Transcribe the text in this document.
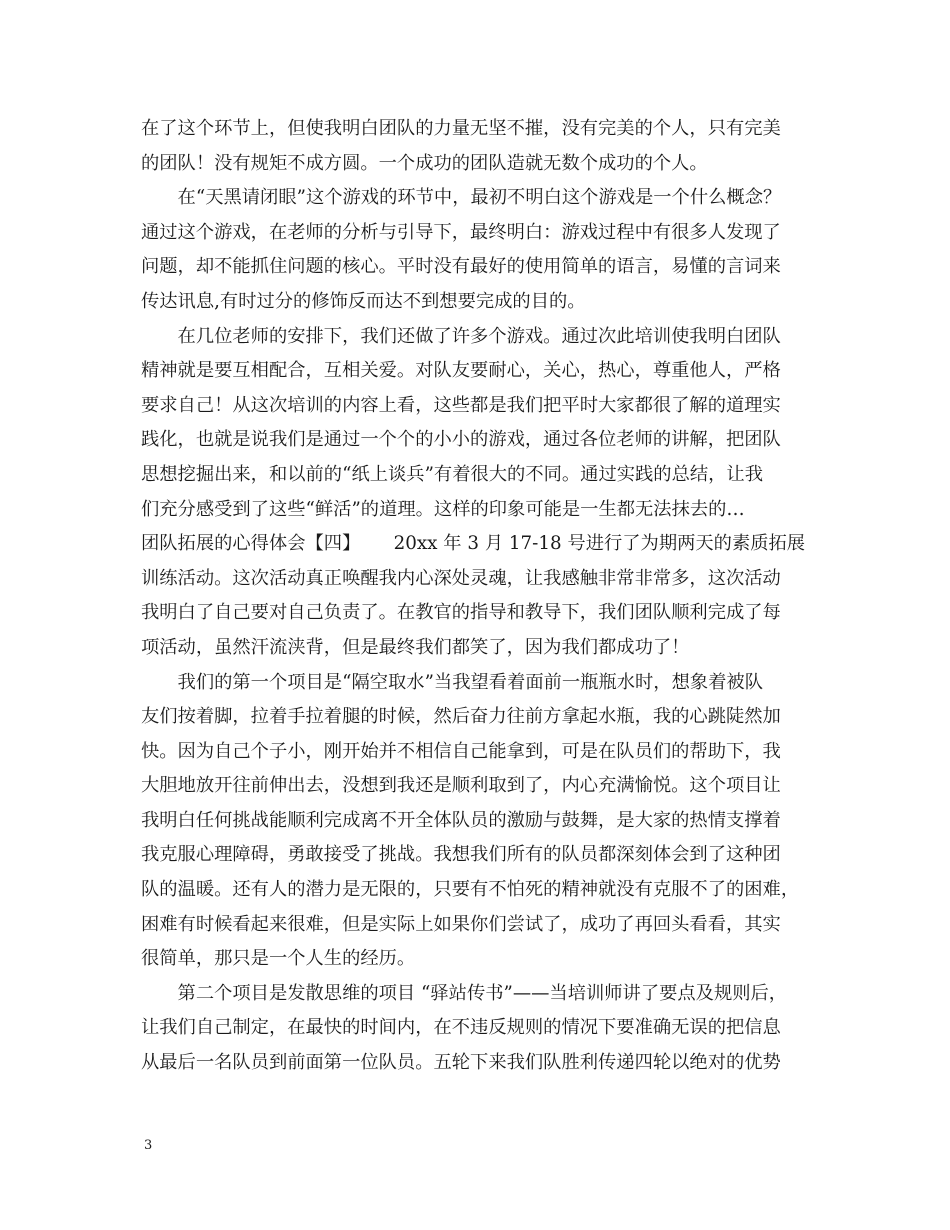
在了这个环节上，但使我明白团队的力量无坚不摧，没有完美的个人，只有完美
的团队！没有规矩不成方圆。一个成功的团队造就无数个成功的个人。
　　在“天黑请闭眼”这个游戏的环节中，最初不明白这个游戏是一个什么概念？
通过这个游戏，在老师的分析与引导下，最终明白：游戏过程中有很多人发现了
问题，却不能抓住问题的核心。平时没有最好的使用简单的语言，易懂的言词来
传达讯息,有时过分的修饰反而达不到想要完成的目的。
　　在几位老师的安排下，我们还做了许多个游戏。通过次此培训使我明白团队
精神就是要互相配合，互相关爱。对队友要耐心，关心，热心，尊重他人，严格
要求自己！从这次培训的内容上看，这些都是我们把平时大家都很了解的道理实
践化，也就是说我们是通过一个个的小小的游戏，通过各位老师的讲解，把团队
思想挖掘出来，和以前的“纸上谈兵”有着很大的不同。通过实践的总结，让我
们充分感受到了这些“鲜活”的道理。这样的印象可能是一生都无法抹去的…
团队拓展的心得体会【四】　　 20xx 年 3 月 17-18 号进行了为期两天的素质拓展
训练活动。这次活动真正唤醒我内心深处灵魂，让我感触非常非常多，这次活动
我明白了自己要对自己负责了。在教官的指导和教导下，我们团队顺利完成了每
项活动，虽然汗流浃背，但是最终我们都笑了，因为我们都成功了！
　　我们的第一个项目是“隔空取水”当我望看着面前一瓶瓶水时，想象着被队
友们按着脚，拉着手拉着腿的时候，然后奋力往前方拿起水瓶，我的心跳陡然加
快。因为自己个子小，刚开始并不相信自己能拿到，可是在队员们的帮助下，我
大胆地放开往前伸出去，没想到我还是顺利取到了，内心充满愉悦。这个项目让
我明白任何挑战能顺利完成离不开全体队员的激励与鼓舞，是大家的热情支撑着
我克服心理障碍，勇敢接受了挑战。我想我们所有的队员都深刻体会到了这种团
队的温暖。还有人的潜力是无限的，只要有不怕死的精神就没有克服不了的困难，
困难有时候看起来很难，但是实际上如果你们尝试了，成功了再回头看看，其实
很简单，那只是一个人生的经历。
　　第二个项目是发散思维的项目 “驿站传书”——当培训师讲了要点及规则后，
让我们自己制定，在最快的时间内，在不违反规则的情况下要准确无误的把信息
从最后一名队员到前面第一位队员。五轮下来我们队胜利传递四轮以绝对的优势
3
